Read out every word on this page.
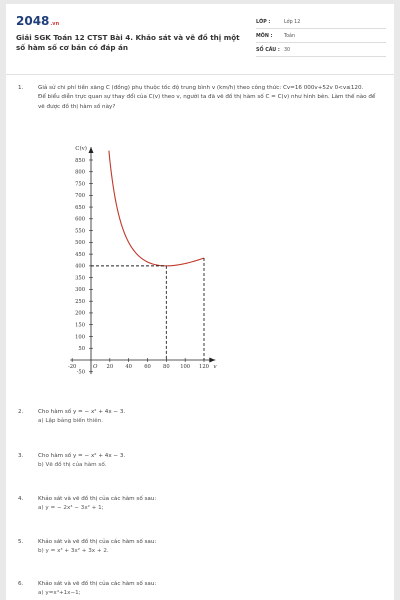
2048.vn
Giải SGK Toán 12 CTST Bài 4. Khảo sát và vẽ đồ thị một số hàm số cơ bản có đáp án
LỚP :	Lớp 12
MÔN :	Toán
SỐ CÂU : 30
1.	Giả sử chi phí tiền xăng C (đồng) phụ thuộc tốc độ trung bình v (km/h) theo công thức: Cv=16 000v+52v 0<v≤120.
Để biểu diễn trực quan sự thay đổi của C(v) theo v, người ta đã vẽ đồ thị hàm số C = C(v) như hình bên. Làm thế nào để vẽ được đồ thị hàm số này?
850
800
750
700
650
600
550
500
450
400
350
300
250
200
150
100
50
-50
-20	20 40 60 80 100 120
C(v)
v
O
2.	Cho hàm số y = − x² + 4x − 3.
a) Lập bảng biến thiên.
3.	Cho hàm số y = − x² + 4x − 3.
b) Vẽ đồ thị của hàm số.
4.	Khảo sát và vẽ đồ thị của các hàm số sau:
a) y = − 2x³ − 3x² + 1;
5.	Khảo sát và vẽ đồ thị của các hàm số sau:
b) y = x³ + 3x² + 3x + 2.
6.	Khảo sát và vẽ đồ thị của các hàm số sau:
a) y=x⁴+1x−1;
